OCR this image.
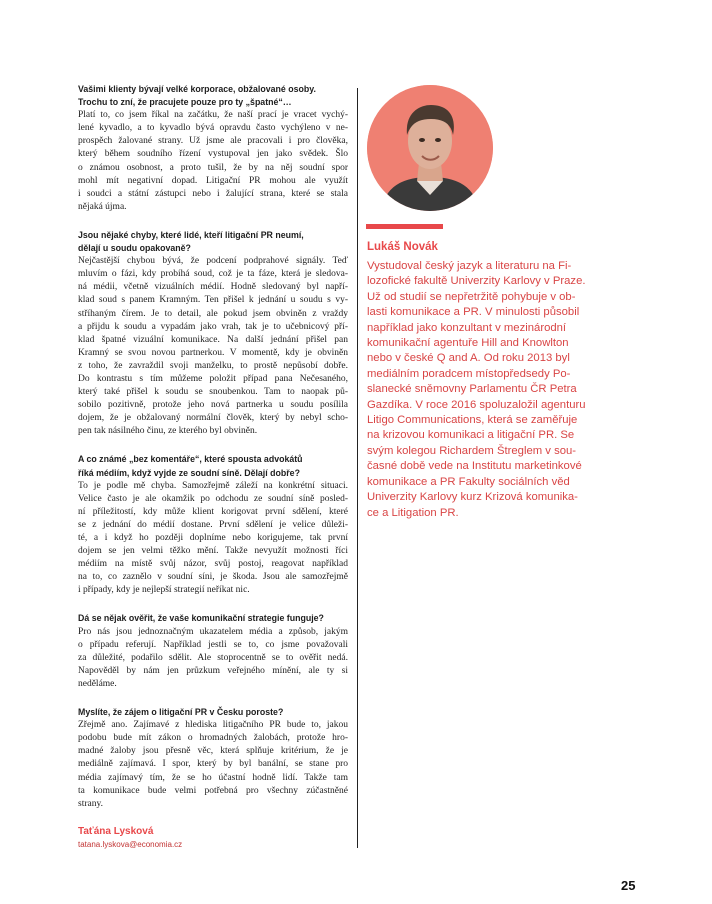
Vašimi klienty bývají velké korporace, obžalované osoby.
Trochu to zní, že pracujete pouze pro ty „špatné“…

Platí to, co jsem říkal na začátku, že naší prací je vracet vychý-
lené kyvadlo, a to kyvadlo bývá opravdu často vychýleno v ne-
prospěch žalované strany. Už jsme ale pracovali i pro člověka,
který během soudního řízení vystupoval jen jako svědek. Šlo
o známou osobnost, a proto tušil, že by na něj soudní spor
mohl mít negativní dopad. Litigační PR mohou ale využít
i soudci a státní zástupci nebo i žalující strana, které se stala
nějaká újma.

Jsou nějaké chyby, které lidé, kteří litigační PR neumí,
dělají u soudu opakovaně?

Nejčastější chybou bývá, že podcení podprahové signály. Teď
mluvím o fázi, kdy probíhá soud, což je ta fáze, která je sledova-
ná médii, včetně vizuálních médií. Hodně sledovaný byl napří-
klad soud s panem Kramným. Ten přišel k jednání u soudu s vy-
stříhaným čírem. Je to detail, ale pokud jsem obviněn z vraždy
a přijdu k soudu a vypadám jako vrah, tak je to učebnicový pří-
klad špatné vizuální komunikace. Na další jednání přišel pan
Kramný se svou novou partnerkou. V momentě, kdy je obviněn
z toho, že zavraždil svoji manželku, to prostě nepůsobí dobře.
Do kontrastu s tím můžeme položit případ pana Nečesaného,
který také přišel k soudu se snoubenkou. Tam to naopak pů-
sobilo pozitivně, protože jeho nová partnerka u soudu posílila
dojem, že je obžalovaný normální člověk, který by nebyl scho-
pen tak násilného činu, ze kterého byl obviněn.

A co známé „bez komentáře“, které spousta advokátů
říká médiím, když vyjde ze soudní síně. Dělají dobře?

To je podle mě chyba. Samozřejmě záleží na konkrétní situaci.
Velice často je ale okamžik po odchodu ze soudní síně posled-
ní příležitostí, kdy může klient korigovat první sdělení, které
se z jednání do médií dostane. První sdělení je velice důleži-
té, a i když ho později doplníme nebo korigujeme, tak první
dojem se jen velmi těžko mění. Takže nevyužít možnosti říci
médiím na místě svůj názor, svůj postoj, reagovat například
na to, co zaznělo v soudní síni, je škoda. Jsou ale samozřejmě
i případy, kdy je nejlepší strategií neříkat nic.

Dá se nějak ověřit, že vaše komunikační strategie funguje?

Pro nás jsou jednoznačným ukazatelem média a způsob, jakým
o případu referují. Například jestli se to, co jsme považovali
za důležité, podařilo sdělit. Ale stoprocentně se to ověřit nedá.
Napověděl by nám jen průzkum veřejného mínění, ale ty si
neděláme.

Myslíte, že zájem o litigační PR v Česku poroste?

Zřejmě ano. Zajímavé z hlediska litigačního PR bude to, jakou
podobu bude mít zákon o hromadných žalobách, protože hro-
madné žaloby jsou přesně věc, která splňuje kritérium, že je
mediálně zajímavá. I spor, který by byl banální, se stane pro
média zajímavý tím, že se ho účastní hodně lidí. Takže tam
ta komunikace bude velmi potřebná pro všechny zúčastněné
strany.

Taťána Lysková
tatana.lyskova@economia.cz
Lukáš Novák
Vystudoval český jazyk a literaturu na Fi-
lozofické fakultě Univerzity Karlovy v Praze.
Už od studií se nepřetržitě pohybuje v ob-
lasti komunikace a PR. V minulosti působil
například jako konzultant v mezinárodní
komunikační agentuře Hill and Knowlton
nebo v české Q and A. Od roku 2013 byl
mediálním poradcem místopředsedy Po-
slanecké sněmovny Parlamentu ČR Petra
Gazdíka. V roce 2016 spoluzaložil agenturu
Litigo Communications, která se zaměřuje
na krizovou komunikaci a litigační PR. Se
svým kolegou Richardem Štreglem v sou-
časné době vede na Institutu marketinkové
komunikace a PR Fakulty sociálních věd
Univerzity Karlovy kurz Krizová komunika-
ce a Litigation PR.
25
